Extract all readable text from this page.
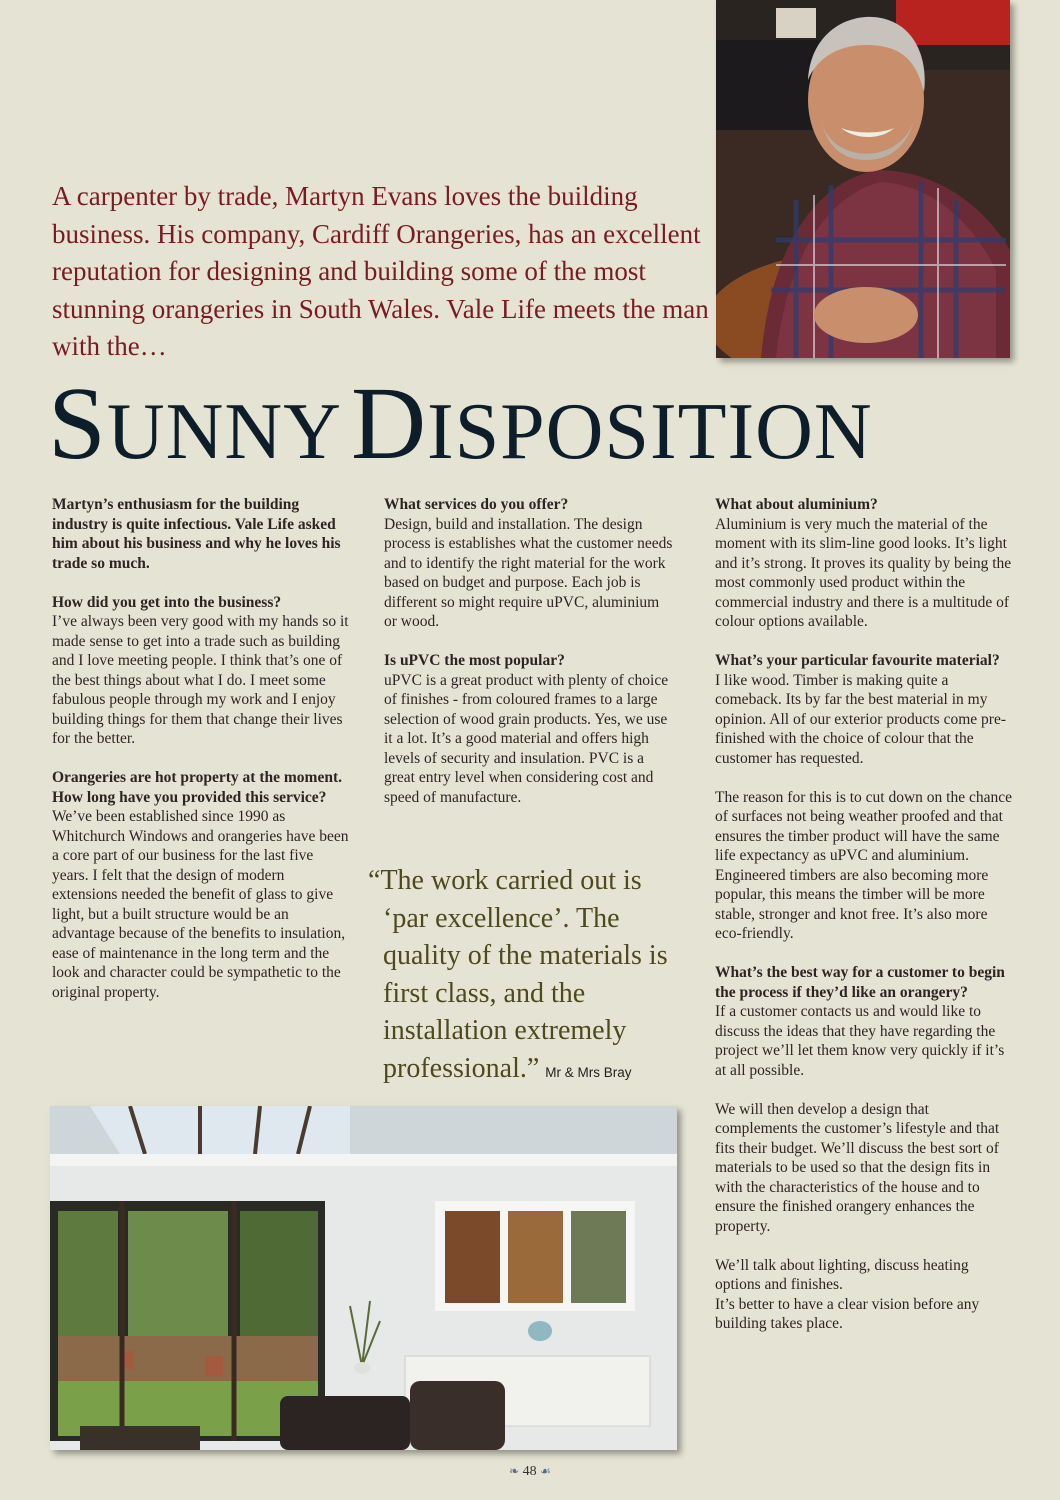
A carpenter by trade, Martyn Evans loves the building business. His company, Cardiff Orangeries, has an excellent reputation for designing and building some of the most stunning orangeries in South Wales. Vale Life meets the man with the…

SUNNY DISPOSITION

Martyn’s enthusiasm for the building industry is quite infectious. Vale Life asked him about his business and why he loves his trade so much.

How did you get into the business?
I’ve always been very good with my hands so it made sense to get into a trade such as building and I love meeting people. I think that’s one of the best things about what I do. I meet some fabulous people through my work and I enjoy building things for them that change their lives for the better.

Orangeries are hot property at the moment. How long have you provided this service?
We’ve been established since 1990 as Whitchurch Windows and orangeries have been a core part of our business for the last five years. I felt that the design of modern extensions needed the benefit of glass to give light, but a built structure would be an advantage because of the benefits to insulation, ease of maintenance in the long term and the look and character could be sympathetic to the original property.

What services do you offer?
Design, build and installation. The design process is establishes what the customer needs and to identify the right material for the work based on budget and purpose. Each job is different so might require uPVC, aluminium or wood.

Is uPVC the most popular?
uPVC is a great product with plenty of choice of finishes - from coloured frames to a large selection of wood grain products. Yes, we use it a lot. It’s a good material and offers high levels of security and insulation. PVC is a great entry level when considering cost and speed of manufacture.

“The work carried out is ‘par excellence’. The quality of the materials is first class, and the installation extremely professional.” Mr & Mrs Bray

What about aluminium?
Aluminium is very much the material of the moment with its slim-line good looks. It’s light and it’s strong. It proves its quality by being the most commonly used product within the commercial industry and there is a multitude of colour options available.

What’s your particular favourite material?
I like wood. Timber is making quite a comeback. Its by far the best material in my opinion. All of our exterior products come pre-finished with the choice of colour that the customer has requested.

The reason for this is to cut down on the chance of surfaces not being weather proofed and that ensures the timber product will have the same life expectancy as uPVC and aluminium. Engineered timbers are also becoming more popular, this means the timber will be more stable, stronger and knot free. It’s also more eco-friendly.

What’s the best way for a customer to begin the process if they’d like an orangery?
If a customer contacts us and would like to discuss the ideas that they have regarding the project we’ll let them know very quickly if it’s at all possible.

We will then develop a design that complements the customer’s lifestyle and that fits their budget. We’ll discuss the best sort of materials to be used so that the design fits in with the characteristics of the house and to ensure the finished orangery enhances the property.

We’ll talk about lighting, discuss heating options and finishes.
It’s better to have a clear vision before any building takes place.

❧ 48 ☙
